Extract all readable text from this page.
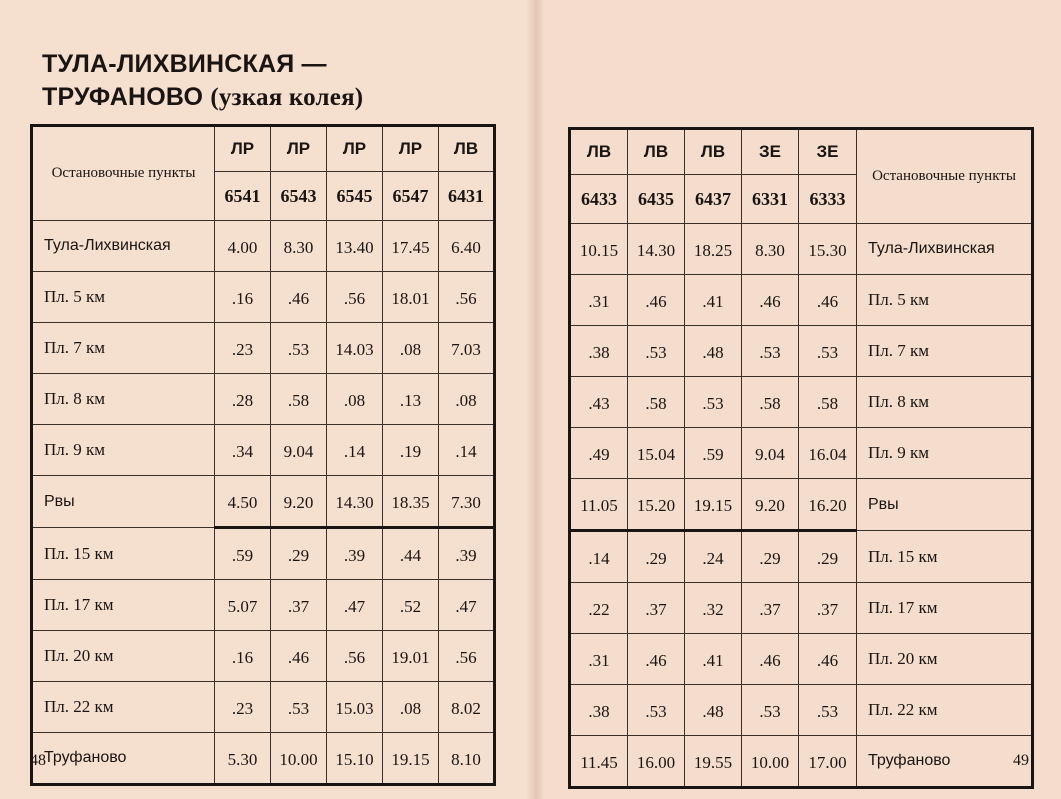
ТУЛА-ЛИХВИНСКАЯ —
ТРУФАНОВО (узкая колея)
Остановочные пункты	ЛР	ЛР	ЛР	ЛР	ЛВ
	6541	6543	6545	6547	6431
Тула-Лихвинская	4.00	8.30	13.40	17.45	6.40
Пл. 5 км	.16	.46	.56	18.01	.56
Пл. 7 км	.23	.53	14.03	.08	7.03
Пл. 8 км	.28	.58	.08	.13	.08
Пл. 9 км	.34	9.04	.14	.19	.14
Рвы	4.50	9.20	14.30	18.35	7.30
Пл. 15 км	.59	.29	.39	.44	.39
Пл. 17 км	5.07	.37	.47	.52	.47
Пл. 20 км	.16	.46	.56	19.01	.56
Пл. 22 км	.23	.53	15.03	.08	8.02
Труфаново	5.30	10.00	15.10	19.15	8.10
ЛВ	ЛВ	ЛВ	ЗЕ	ЗЕ	Остановочные пункты
6433	6435	6437	6331	6333	
10.15	14.30	18.25	8.30	15.30	Тула-Лихвинская
.31	.46	.41	.46	.46	Пл. 5 км
.38	.53	.48	.53	.53	Пл. 7 км
.43	.58	.53	.58	.58	Пл. 8 км
.49	15.04	.59	9.04	16.04	Пл. 9 км
11.05	15.20	19.15	9.20	16.20	Рвы
.14	.29	.24	.29	.29	Пл. 15 км
.22	.37	.32	.37	.37	Пл. 17 км
.31	.46	.41	.46	.46	Пл. 20 км
.38	.53	.48	.53	.53	Пл. 22 км
11.45	16.00	19.55	10.00	17.00	Труфаново
48	49
